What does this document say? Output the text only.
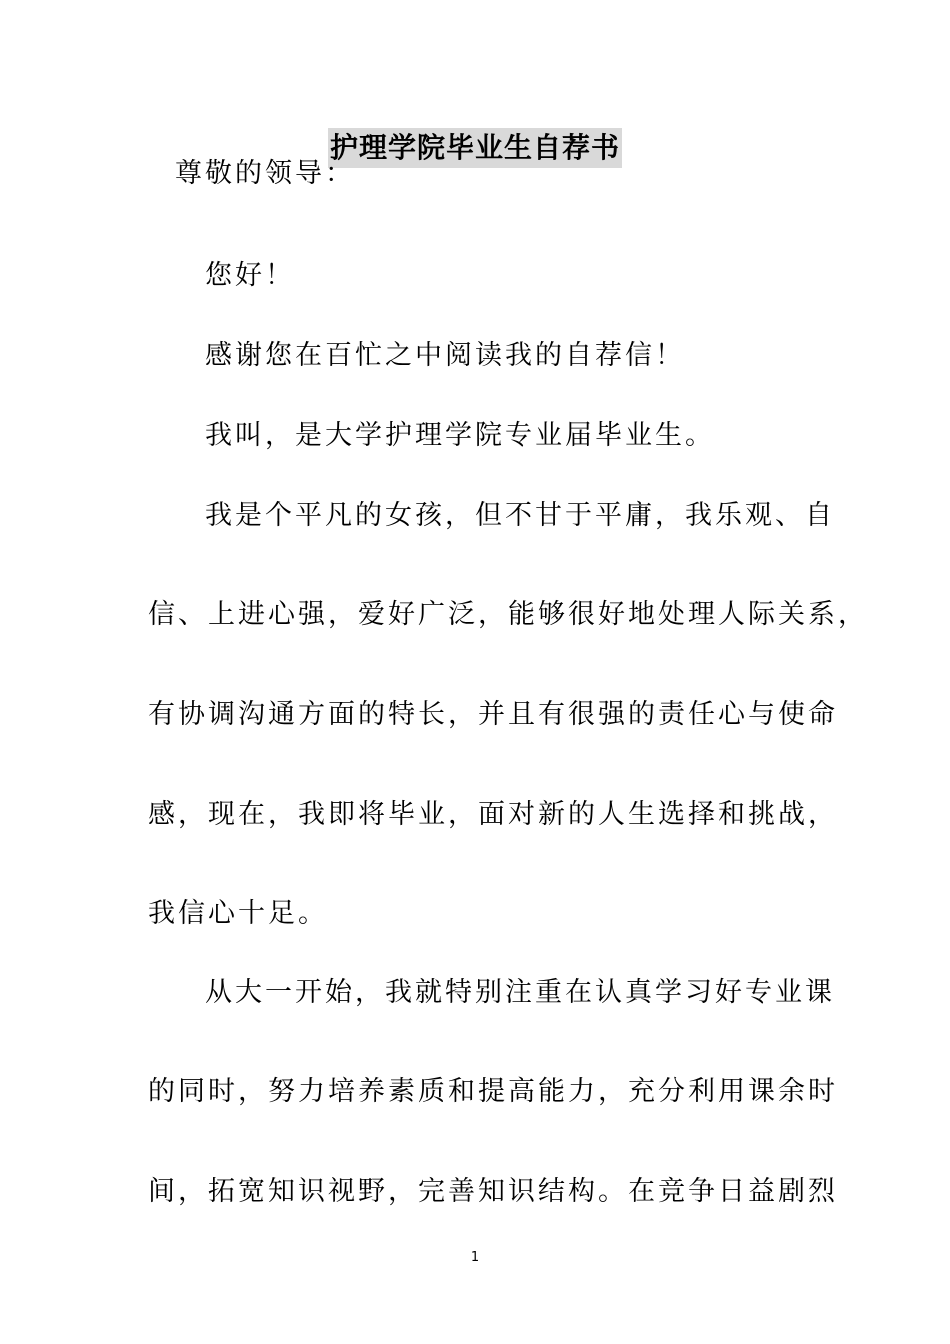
护理学院毕业生自荐书
尊敬的领导：
您好！
感谢您在百忙之中阅读我的自荐信！
我叫，是大学护理学院专业届毕业生。
我是个平凡的女孩，但不甘于平庸，我乐观、自
信、上进心强，爱好广泛，能够很好地处理人际关系，
有协调沟通方面的特长，并且有很强的责任心与使命
感，现在，我即将毕业，面对新的人生选择和挑战，
我信心十足。
从大一开始，我就特别注重在认真学习好专业课
的同时，努力培养素质和提高能力，充分利用课余时
间，拓宽知识视野，完善知识结构。在竞争日益剧烈
1
